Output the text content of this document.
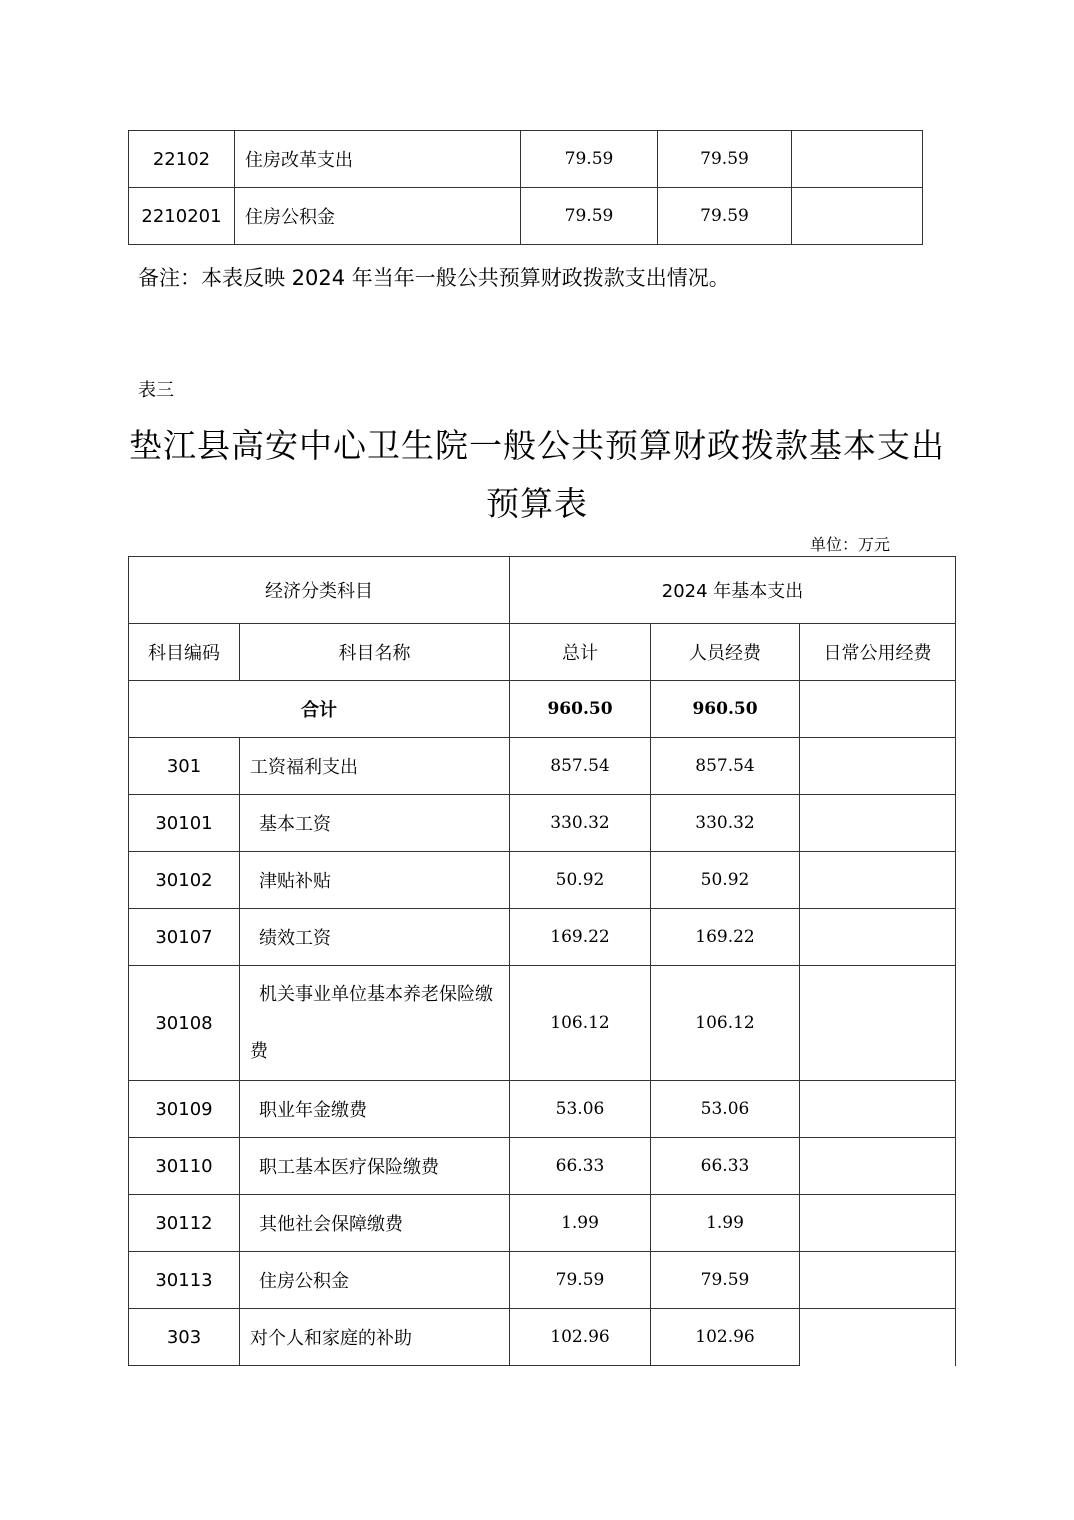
22102	住房改革支出	79.59	79.59	
2210201	住房公积金	79.59	79.59	
备注：本表反映 2024 年当年一般公共预算财政拨款支出情况。
表三
垫江县高安中心卫生院一般公共预算财政拨款基本支出
预算表
单位：万元
经济分类科目		2024 年基本支出		
科目编码	科目名称	总计	人员经费	日常公用经费
合计		960.50	960.50	
301	工资福利支出	857.54	857.54	
30101	基本工资	330.32	330.32	
30102	津贴补贴	50.92	50.92	
30107	绩效工资	169.22	169.22	
30108	机关事业单位基本养老保险缴费	106.12	106.12	
30109	职业年金缴费	53.06	53.06	
30110	职工基本医疗保险缴费	66.33	66.33	
30112	其他社会保障缴费	1.99	1.99	
30113	住房公积金	79.59	79.59	
303	对个人和家庭的补助	102.96	102.96	
